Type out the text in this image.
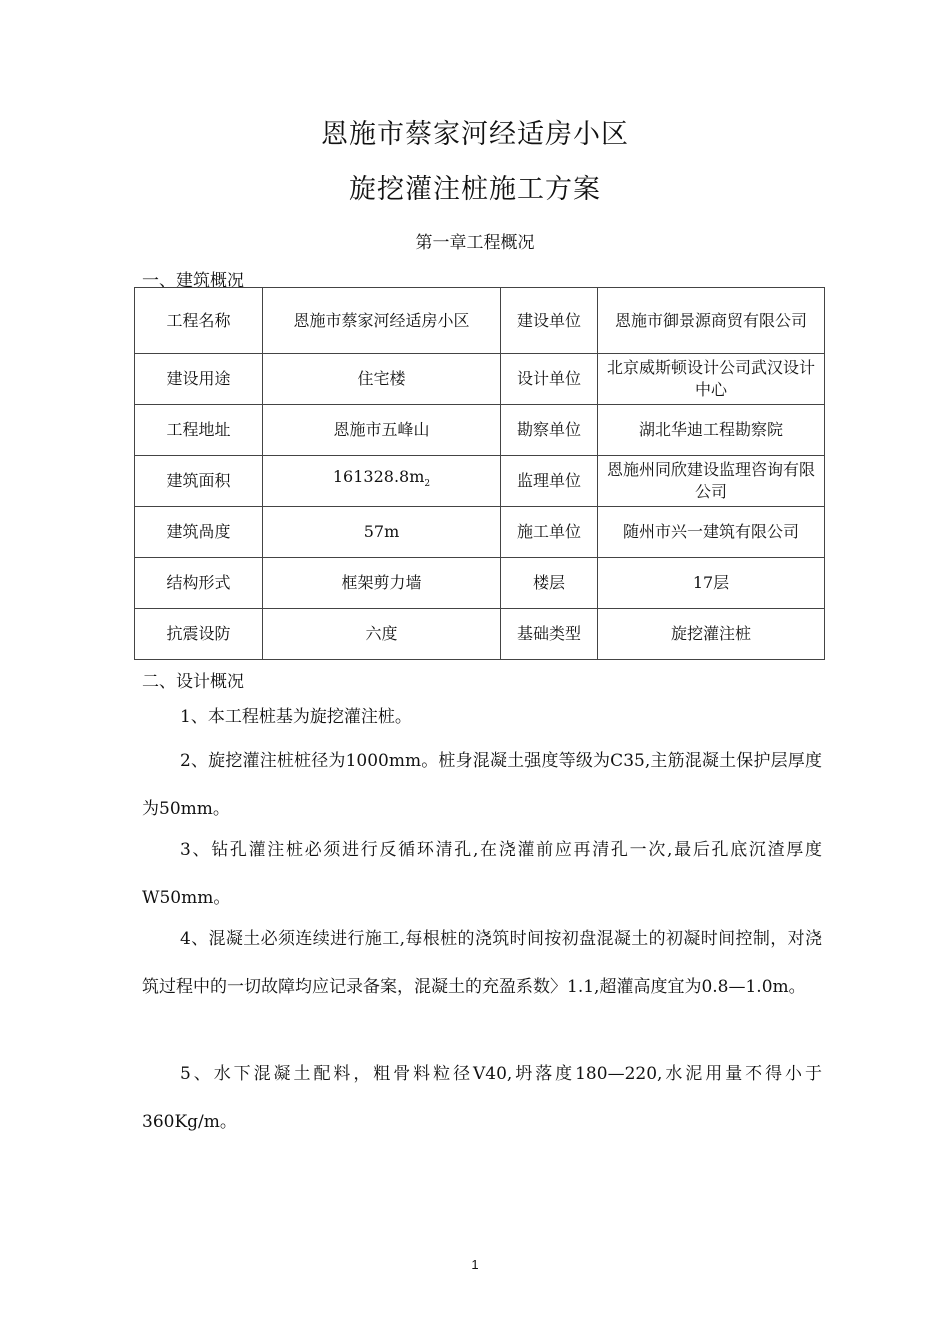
恩施市蔡家河经适房小区
旋挖灌注桩施工方案
第一章工程概况
一、建筑概况
工程名称	恩施市蔡家河经适房小区	建设单位	恩施市御景源商贸有限公司
建设用途	住宅楼	设计单位	北京威斯顿设计公司武汉设计中心
工程地址	恩施市五峰山	勘察单位	湖北华迪工程勘察院
建筑面积	$161328.8m_2$	监理单位	恩施州同欣建设监理咨询有限公司
建筑咼度	57m	施工单位	随州市兴一建筑有限公司
结构形式	框架剪力墙	楼层	17层
抗震设防	六度	基础类型	旋挖灌注桩
二、设计概况

1、本工程桩基为旋挖灌注桩。

2、旋挖灌注桩桩径为1000mm。桩身混凝土强度等级为C35,主筋混凝土保护层厚度为50mm。

3、钻孔灌注桩必须进行反循环清孔,在浇灌前应再清孔一次,最后孔底沉渣厚度W50mm。

4、混凝土必须连续进行施工,每根桩的浇筑时间按初盘混凝土的初凝时间控制，对浇筑过程中的一切故障均应记录备案，混凝土的充盈系数〉1.1,超灌高度宜为0.8—1.0m。

5、水下混凝土配料，粗骨料粒径V40,坍落度180—220,水泥用量不得小于360Kg/m。

1
